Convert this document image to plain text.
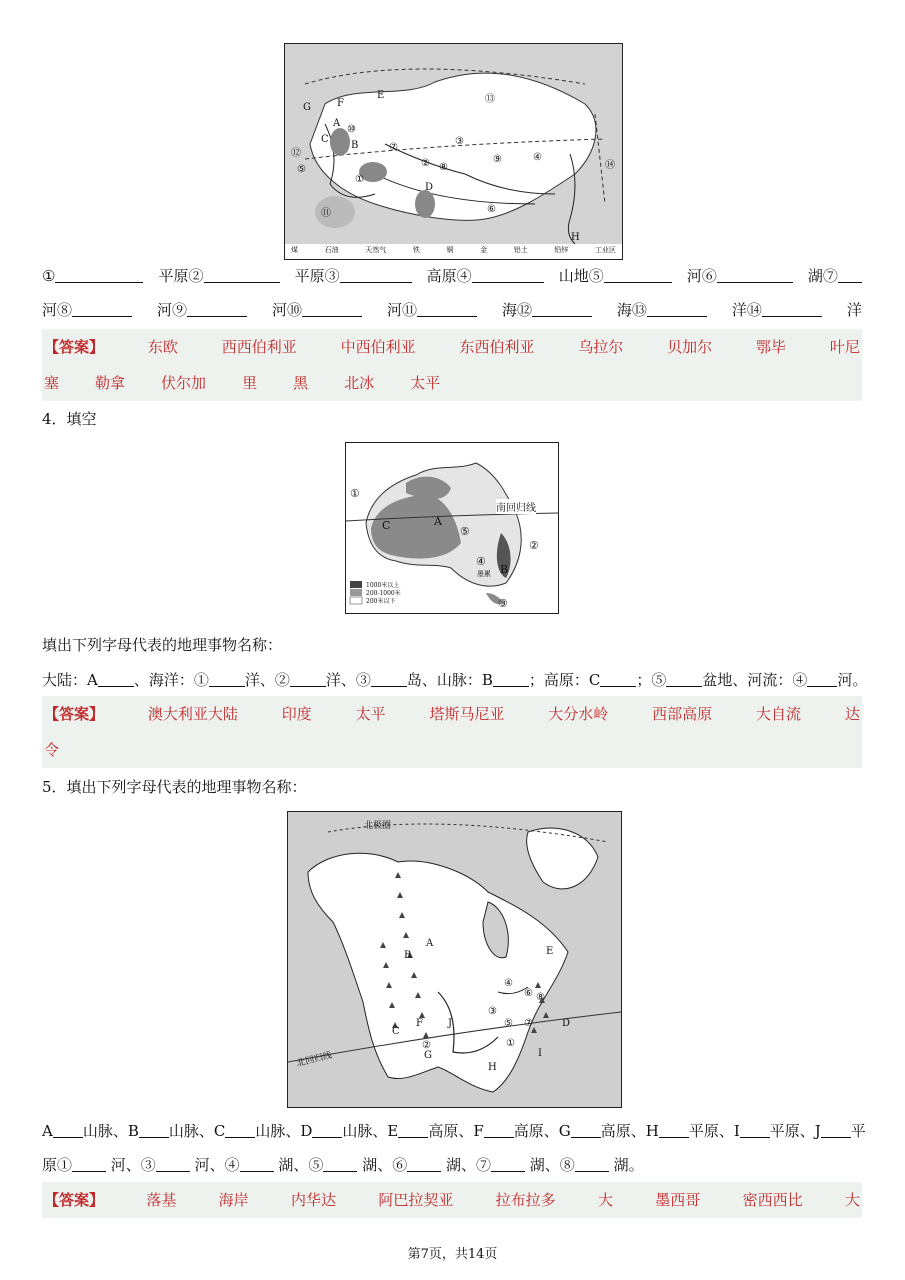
E
F
G
C
A
B
D
H
⑩
⑪
⑫
⑬
⑭
①
②
③
④
⑤
⑥
⑦
⑧
⑨
煤	石油	天然气	铁	铜	金	铝土	铅锌	工业区
①	平原②	平原③	高原④	山地⑤	河⑥	湖⑦
河⑧	河⑨	河⑩	河⑪	海⑫	海⑬	洋⑭	洋
【答案】	东欧	西西伯利亚	中西伯利亚	东西伯利亚	乌拉尔	贝加尔	鄂毕	叶尼
塞 勒拿 伏尔加 里 黑 北冰 太平
4．填空
①
②
③
④
⑤
A
B
C
南回归线
墨累
1000米以上
200-1000米
200米以下
填出下列字母代表的地理事物名称：
大陆：A	、海洋：①	洋、②	洋、③	岛、山脉：B	；高原：C	；⑤	盆地、河流：④	河。
【答案】	澳大利亚大陆	印度	太平	塔斯马尼亚	大分水岭	西部高原	大自流	达
令
5．填出下列字母代表的地理事物名称：
北极圈
A
B
C
D
E
F
G
H
I
J
①
②
③
④
⑤
⑥
⑦
⑧
北回归线
A	山脉、B	山脉、C	山脉、D	山脉、E	高原、F	高原、G	高原、H	平原、I	平原、J	平
原①	河、③	河、④	湖、⑤	湖、⑥	湖、⑦	湖、⑧	湖。
【答案】	落基	海岸	内华达	阿巴拉契亚	拉布拉多	大	墨西哥	密西西比	大
第7页，共14页
